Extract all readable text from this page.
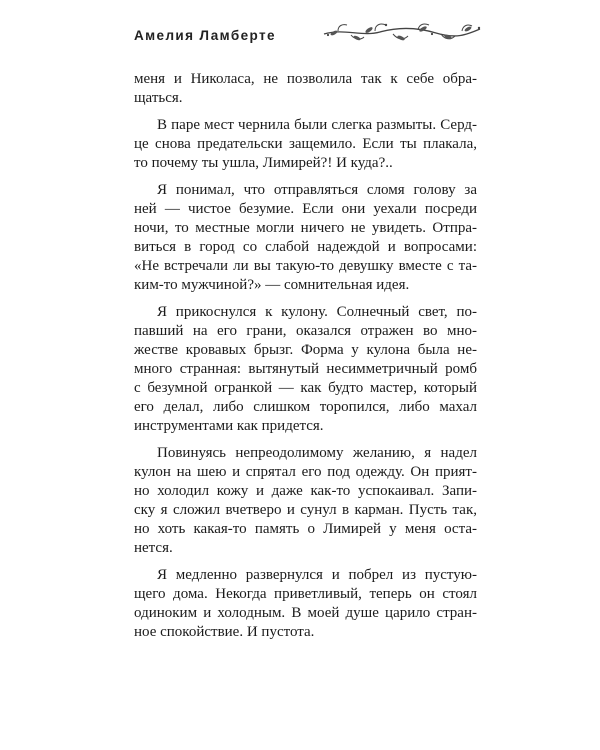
Амелия Ламберте
меня и Николаса, не позволила так к себе обра-
щаться.
В паре мест чернила были слегка размыты. Серд-
це снова предательски защемило. Если ты плакала,
то почему ты ушла, Лимирей?! И куда?..
Я понимал, что отправляться сломя голову за
ней — чистое безумие. Если они уехали посреди
ночи, то местные могли ничего не увидеть. Отпра-
виться в город со слабой надеждой и вопросами:
«Не встречали ли вы такую-то девушку вместе с та-
ким-то мужчиной?» — сомнительная идея.
Я прикоснулся к кулону. Солнечный свет, по-
павший на его грани, оказался отражен во мно-
жестве кровавых брызг. Форма у кулона была не-
много странная: вытянутый несимметричный ромб
с безумной огранкой — как будто мастер, который
его делал, либо слишком торопился, либо махал
инструментами как придется.
Повинуясь непреодолимому желанию, я надел
кулон на шею и спрятал его под одежду. Он прият-
но холодил кожу и даже как-то успокаивал. Запи-
ску я сложил вчетверо и сунул в карман. Пусть так,
но хоть какая-то память о Лимирей у меня оста-
нется.
Я медленно развернулся и побрел из пустую-
щего дома. Некогда приветливый, теперь он стоял
одиноким и холодным. В моей душе царило стран-
ное спокойствие. И пустота.
